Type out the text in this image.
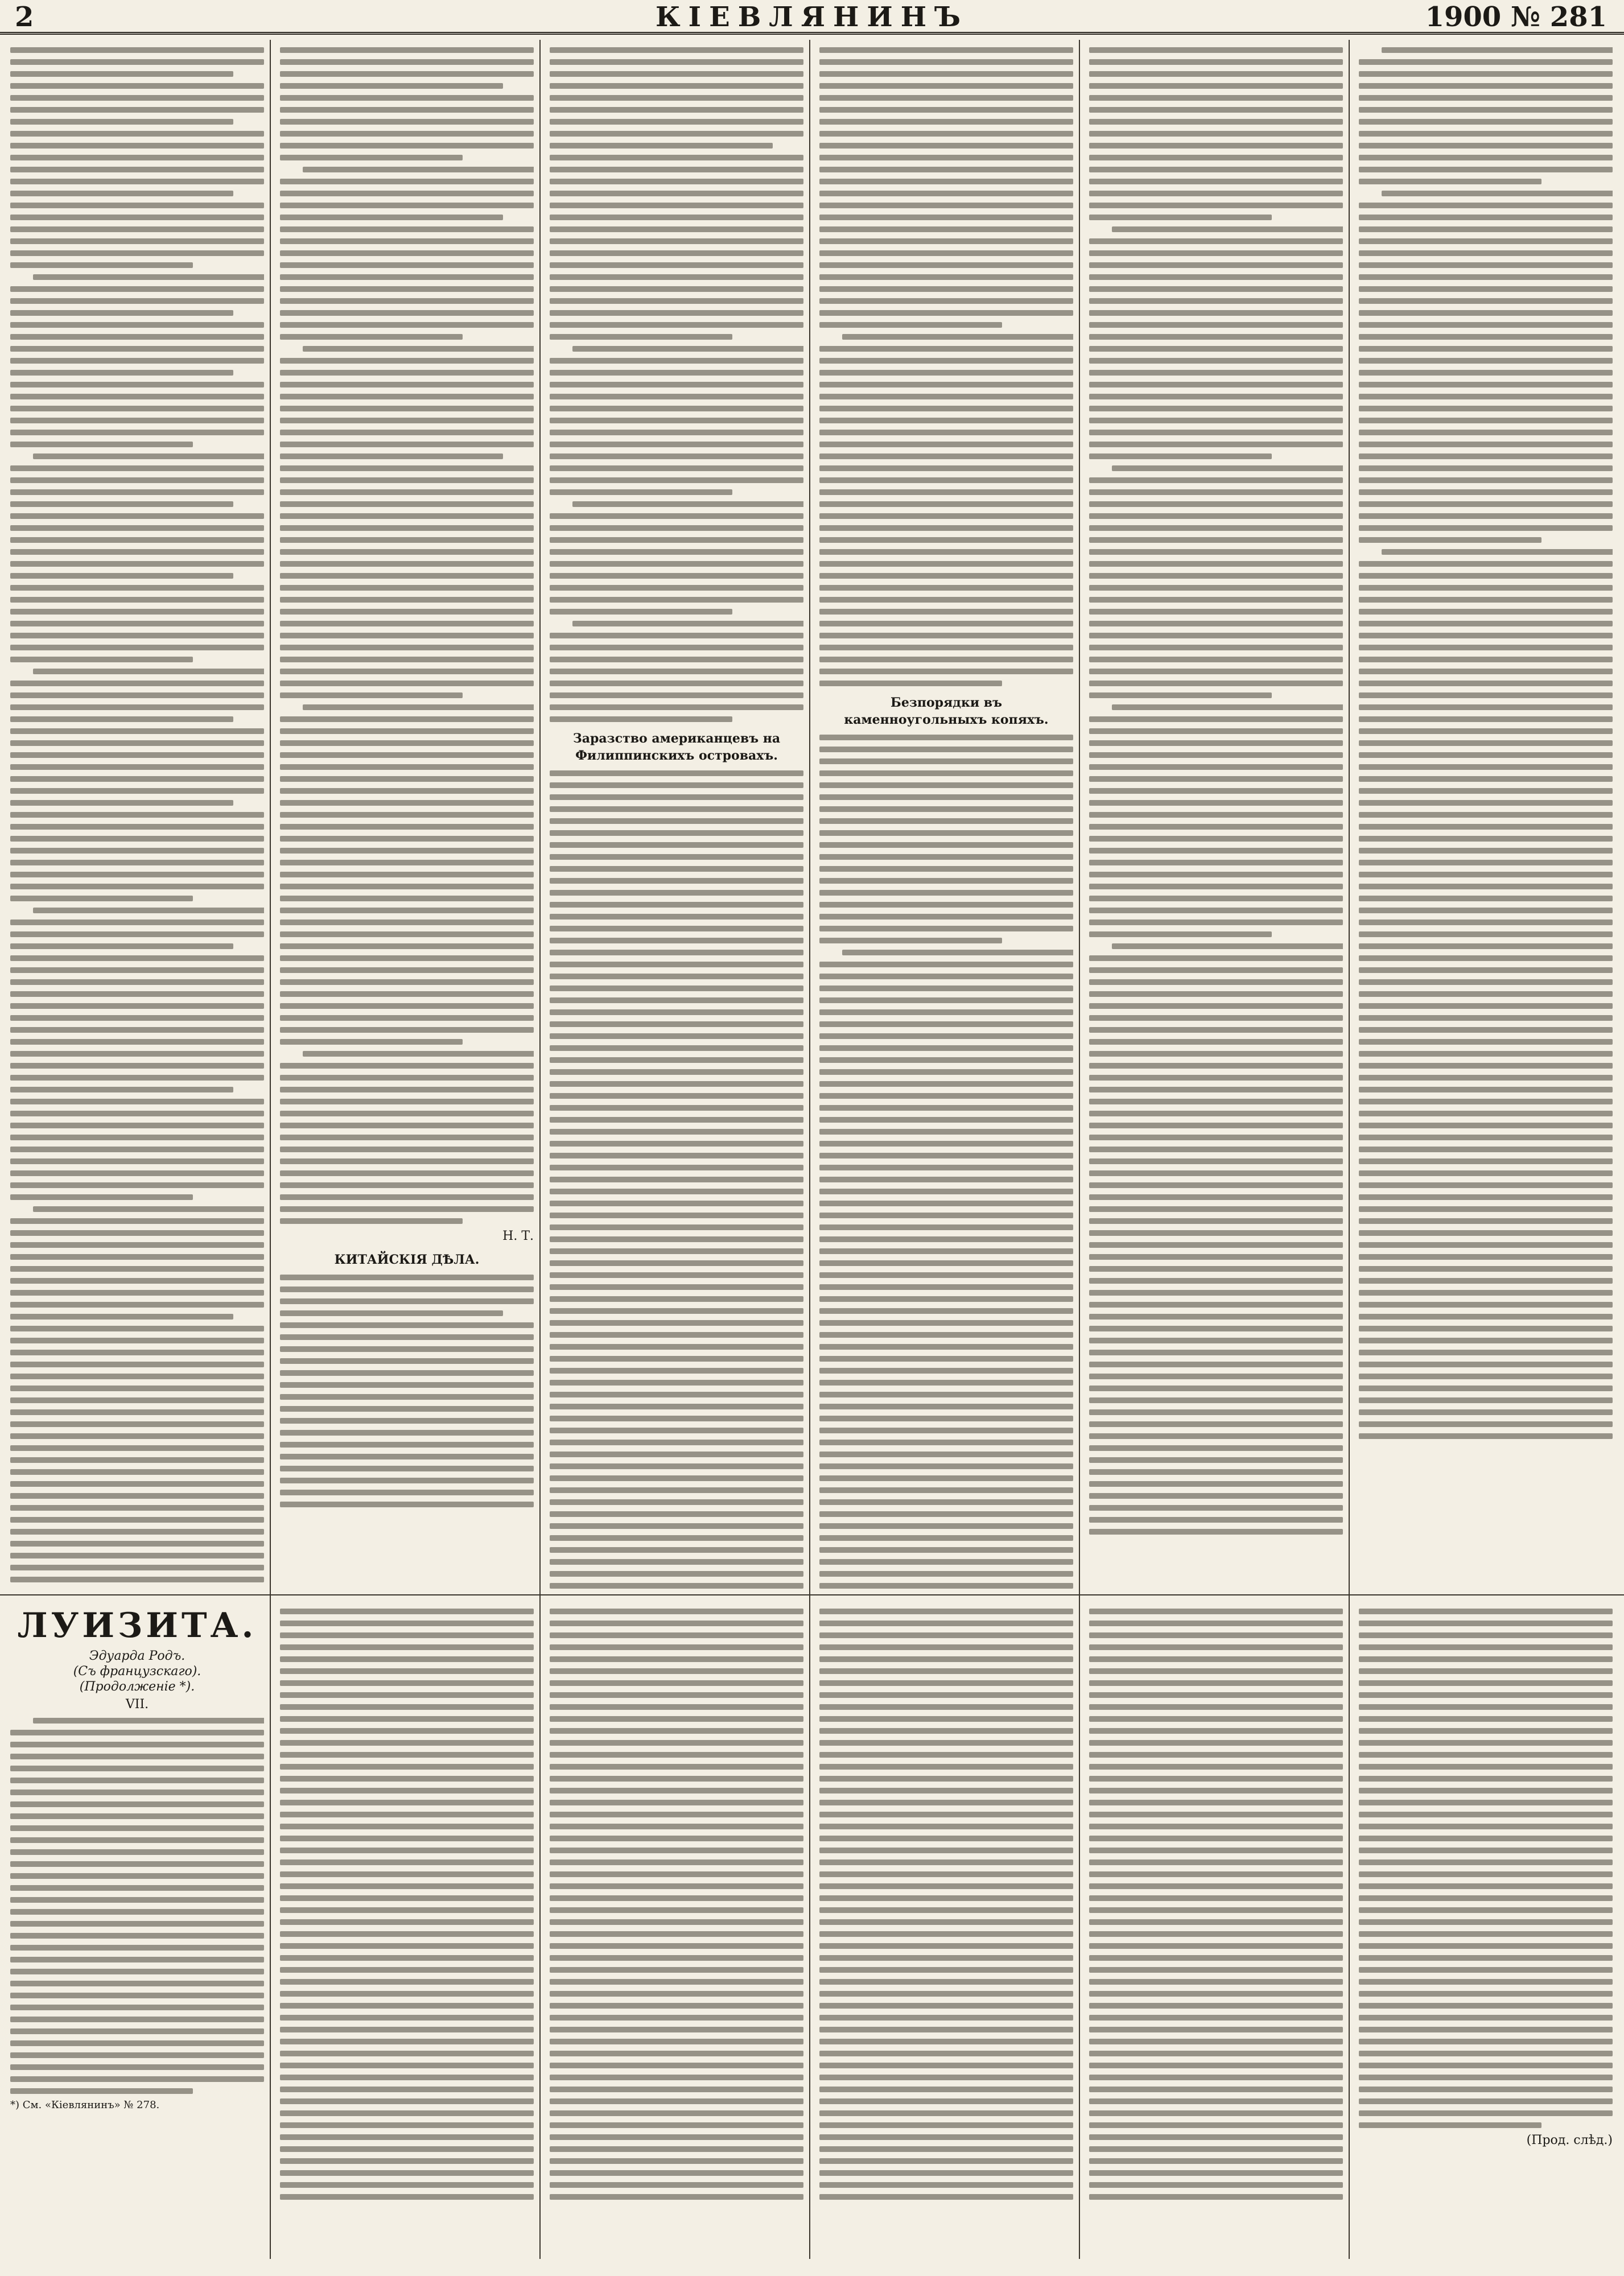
2	КІЕВЛЯНИНЪ	1900 № 281
Н. Т.
КИТАЙСКІЯ ДѢЛА.
Заразство американцевъ на Филиппинскихъ островахъ.
Безпорядки въ каменноугольныхъ копяхъ.
ЛУИЗИТА.
Эдуарда Родъ.
(Съ французскаго).
(Продолженіе *).
VII.
*) См. «Кіевлянинъ» № 278.
(Прод. слѣд.)
